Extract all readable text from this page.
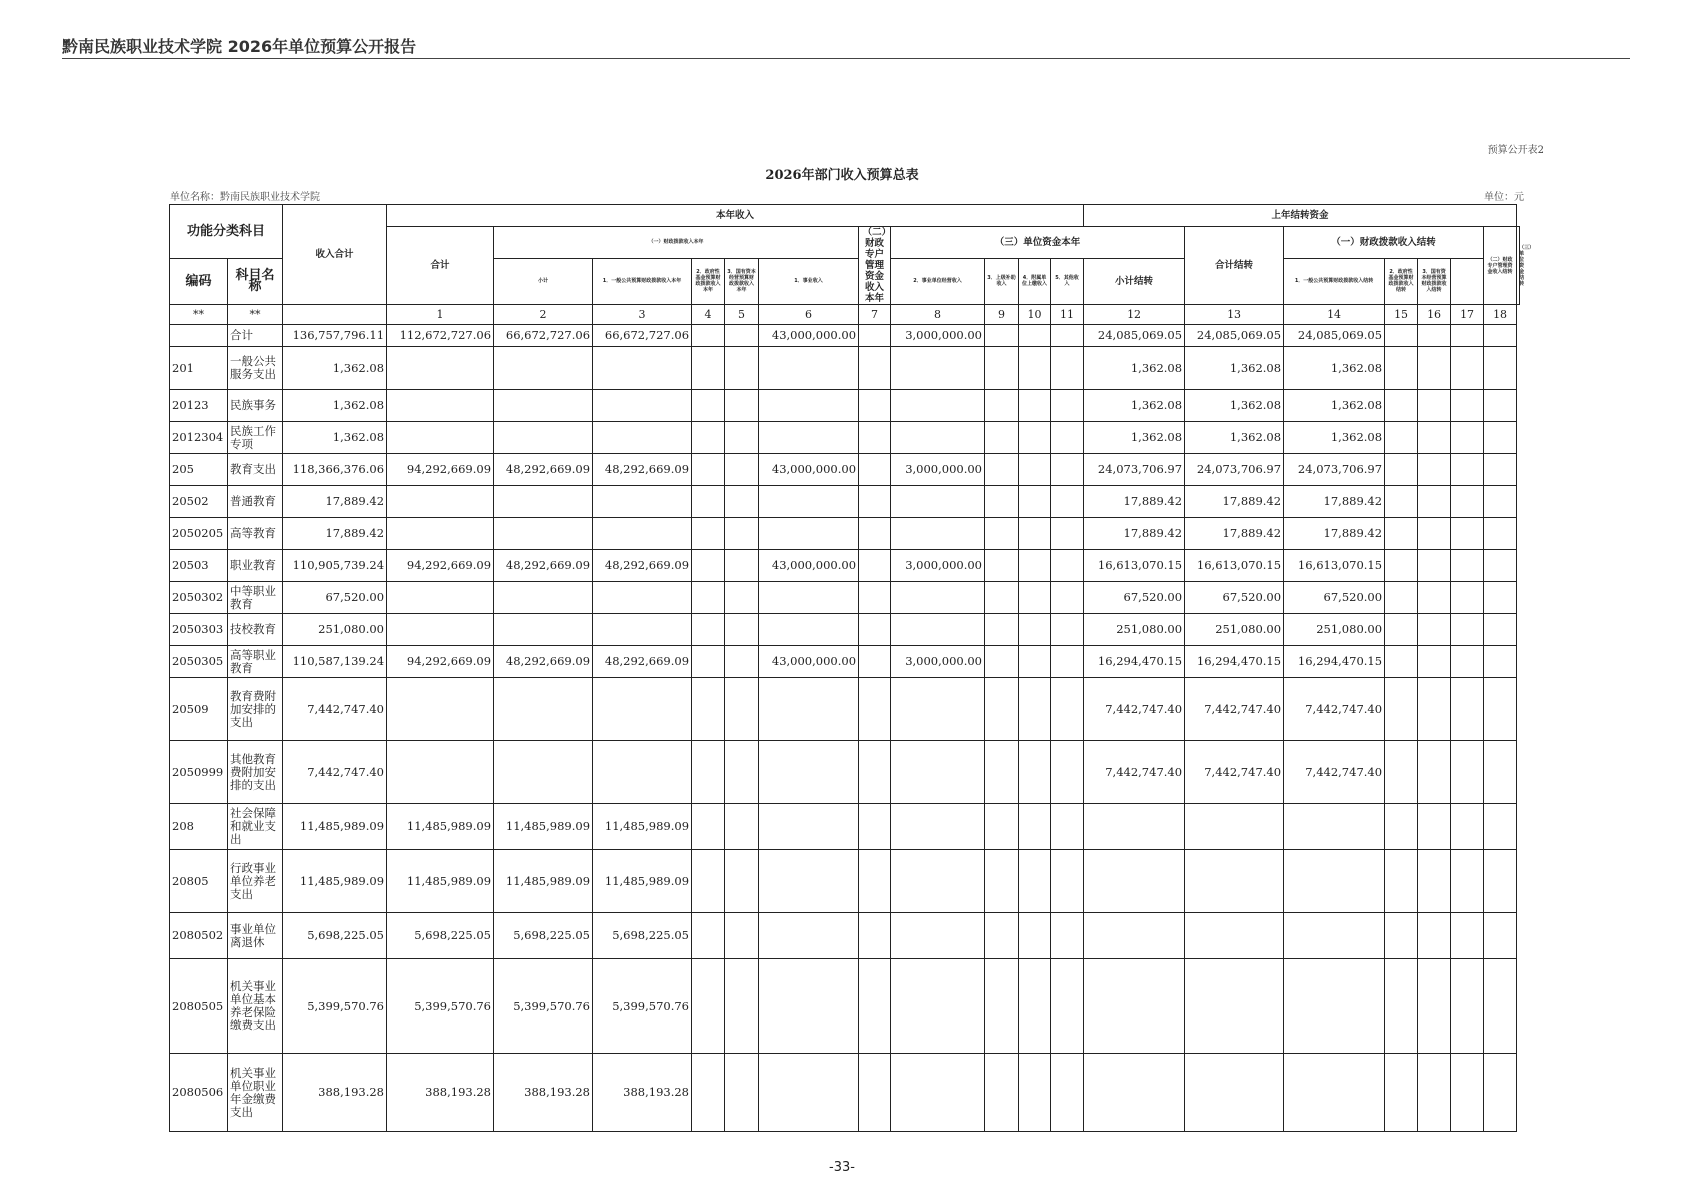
黔南民族职业技术学院 2026年单位预算公开报告
预算公开表2
2026年部门收入预算总表
单位名称：黔南民族职业技术学院	单位：元
功能分类科目		收入合计	本年收入											上年结转资金							
			合计	（一）财政拨款收入本年					（二）财政专户管理资金收入本年	（三）单位资金本年					合计结转	（一）财政拨款收入结转				（二）财政专户管理资金收入结转	（三）单位资金结转
编码	科目名称			小计	1．一般公共预算财政拨款收入本年	2．政府性基金预算财政拨款收入本年	3．国有资本经营预算财政拨款收入本年	1．事业收入		2．事业单位经营收入	3．上级补助收入	4．附属单位上缴收入	5．其他收入	小计结转		1．一般公共预算财政拨款收入结转	2．政府性基金预算财政拨款收入结转	3．国有资本经营预算财政拨款收入结转			
**	**		1	2	3	4	5	6	7	8	9	10	11	12	13	14	15	16	17	18	
	合计	136,757,796.11	112,672,727.06	66,672,727.06	66,672,727.06			43,000,000.00		3,000,000.00				24,085,069.05	24,085,069.05	24,085,069.05					
201	一般公共服务支出	1,362.08												1,362.08	1,362.08	1,362.08					
20123	民族事务	1,362.08												1,362.08	1,362.08	1,362.08					
2012304	民族工作专项	1,362.08												1,362.08	1,362.08	1,362.08					
205	教育支出	118,366,376.06	94,292,669.09	48,292,669.09	48,292,669.09			43,000,000.00		3,000,000.00				24,073,706.97	24,073,706.97	24,073,706.97					
20502	普通教育	17,889.42												17,889.42	17,889.42	17,889.42					
2050205	高等教育	17,889.42												17,889.42	17,889.42	17,889.42					
20503	职业教育	110,905,739.24	94,292,669.09	48,292,669.09	48,292,669.09			43,000,000.00		3,000,000.00				16,613,070.15	16,613,070.15	16,613,070.15					
2050302	中等职业教育	67,520.00												67,520.00	67,520.00	67,520.00					
2050303	技校教育	251,080.00												251,080.00	251,080.00	251,080.00					
2050305	高等职业教育	110,587,139.24	94,292,669.09	48,292,669.09	48,292,669.09			43,000,000.00		3,000,000.00				16,294,470.15	16,294,470.15	16,294,470.15					
20509	教育费附加安排的支出	7,442,747.40												7,442,747.40	7,442,747.40	7,442,747.40					
2050999	其他教育费附加安排的支出	7,442,747.40												7,442,747.40	7,442,747.40	7,442,747.40					
208	社会保障和就业支出	11,485,989.09	11,485,989.09	11,485,989.09	11,485,989.09																
20805	行政事业单位养老支出	11,485,989.09	11,485,989.09	11,485,989.09	11,485,989.09																
2080502	事业单位离退休	5,698,225.05	5,698,225.05	5,698,225.05	5,698,225.05																
2080505	机关事业单位基本养老保险缴费支出	5,399,570.76	5,399,570.76	5,399,570.76	5,399,570.76																
2080506	机关事业单位职业年金缴费支出	388,193.28	388,193.28	388,193.28	388,193.28																
-33-
